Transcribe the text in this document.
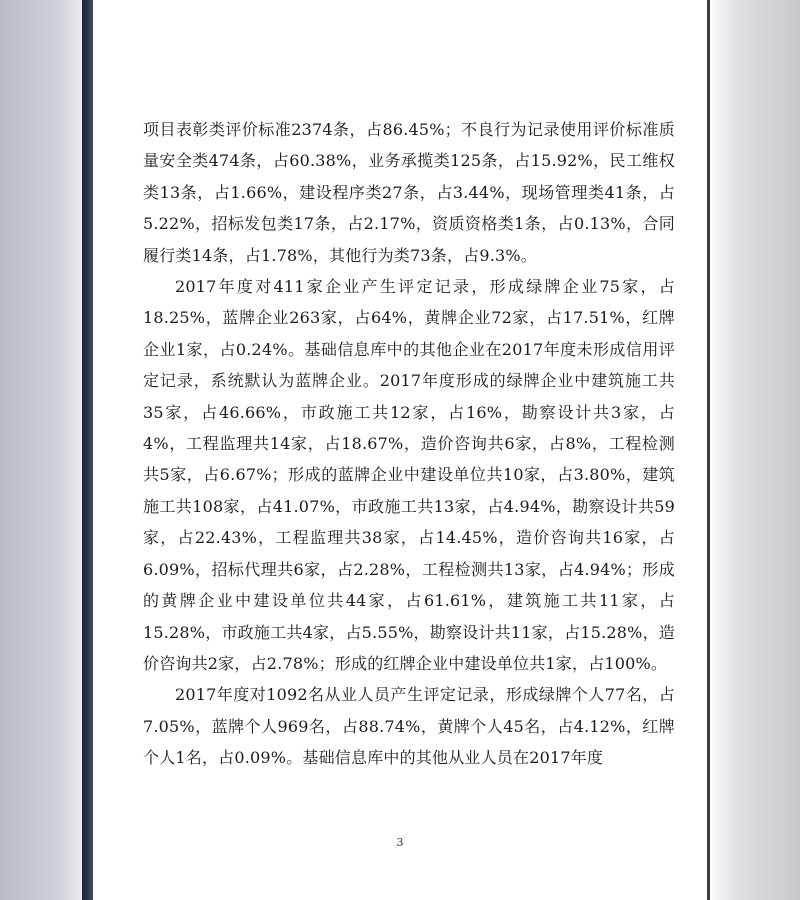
项目表彰类评价标准2374条，占86.45%；不良行为记录使用评价标准质量安全类474条，占60.38%，业务承揽类125条，占15.92%，民工维权类13条，占1.66%，建设程序类27条，占3.44%，现场管理类41条，占5.22%，招标发包类17条，占2.17%，资质资格类1条，占0.13%，合同履行类14条，占1.78%，其他行为类73条，占9.3%。

2017年度对411家企业产生评定记录，形成绿牌企业75家，占18.25%，蓝牌企业263家，占64%，黄牌企业72家，占17.51%，红牌企业1家，占0.24%。基础信息库中的其他企业在2017年度未形成信用评定记录，系统默认为蓝牌企业。2017年度形成的绿牌企业中建筑施工共35家，占46.66%，市政施工共12家，占16%，勘察设计共3家，占4%，工程监理共14家，占18.67%，造价咨询共6家，占8%，工程检测共5家，占6.67%；形成的蓝牌企业中建设单位共10家，占3.80%，建筑施工共108家，占41.07%，市政施工共13家，占4.94%，勘察设计共59家，占22.43%，工程监理共38家，占14.45%，造价咨询共16家，占6.09%，招标代理共6家，占2.28%，工程检测共13家，占4.94%；形成的黄牌企业中建设单位共44家，占61.61%，建筑施工共11家，占15.28%，市政施工共4家，占5.55%，勘察设计共11家，占15.28%，造价咨询共2家，占2.78%；形成的红牌企业中建设单位共1家，占100%。

2017年度对1092名从业人员产生评定记录，形成绿牌个人77名，占7.05%，蓝牌个人969名，占88.74%，黄牌个人45名，占4.12%，红牌个人1名，占0.09%。基础信息库中的其他从业人员在2017年度

3
